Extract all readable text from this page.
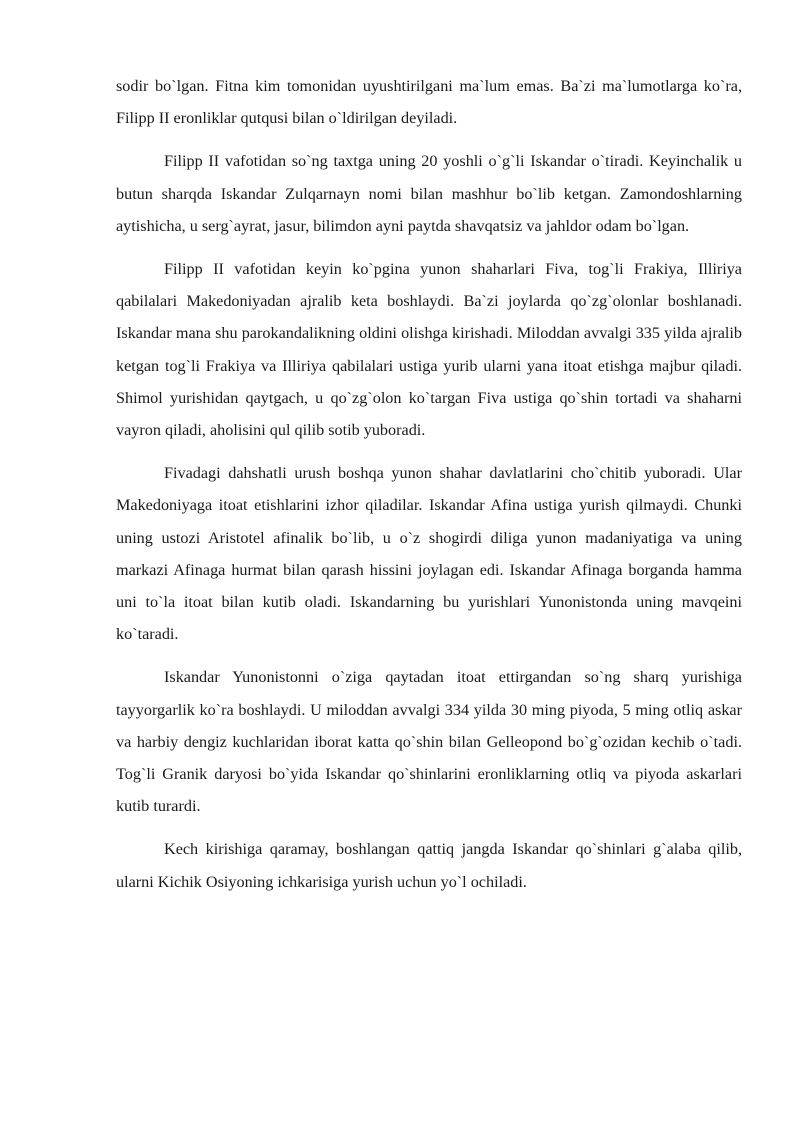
sodir bo`lgan. Fitna kim tomonidan uyushtirilgani ma`lum emas. Ba`zi ma`lumotlarga ko`ra, Filipp II eronliklar qutqusi bilan o`ldirilgan deyiladi.

Filipp II vafotidan so`ng taxtga uning 20 yoshli o`g`li Iskandar o`tiradi. Keyinchalik u butun sharqda Iskandar Zulqarnayn nomi bilan mashhur bo`lib ketgan. Zamondoshlarning aytishicha, u serg`ayrat, jasur, bilimdon ayni paytda shavqatsiz va jahldor odam bo`lgan.

Filipp II vafotidan keyin ko`pgina yunon shaharlari Fiva, tog`li Frakiya, Illiriya qabilalari Makedoniyadan ajralib keta boshlaydi. Ba`zi joylarda qo`zg`olonlar boshlanadi. Iskandar mana shu parokandalikning oldini olishga kirishadi. Miloddan avvalgi 335 yilda ajralib ketgan tog`li Frakiya va Illiriya qabilalari ustiga yurib ularni yana itoat etishga majbur qiladi. Shimol yurishidan qaytgach, u qo`zg`olon ko`targan Fiva ustiga qo`shin tortadi va shaharni vayron qiladi, aholisini qul qilib sotib yuboradi.

Fivadagi dahshatli urush boshqa yunon shahar davlatlarini cho`chitib yuboradi. Ular Makedoniyaga itoat etishlarini izhor qiladilar. Iskandar Afina ustiga yurish qilmaydi. Chunki uning ustozi Aristotel afinalik bo`lib, u o`z shogirdi diliga yunon madaniyatiga va uning markazi Afinaga hurmat bilan qarash hissini joylagan edi. Iskandar Afinaga borganda hamma uni to`la itoat bilan kutib oladi. Iskandarning bu yurishlari Yunonistonda uning mavqeini ko`taradi.

Iskandar Yunonistonni o`ziga qaytadan itoat ettirgandan so`ng sharq yurishiga tayyorgarlik ko`ra boshlaydi. U miloddan avvalgi 334 yilda 30 ming piyoda, 5 ming otliq askar va harbiy dengiz kuchlaridan iborat katta qo`shin bilan Gelleopond bo`g`ozidan kechib o`tadi. Tog`li Granik daryosi bo`yida Iskandar qo`shinlarini eronliklarning otliq va piyoda askarlari kutib turardi.

Kech kirishiga qaramay, boshlangan qattiq jangda Iskandar qo`shinlari g`alaba qilib, ularni Kichik Osiyoning ichkarisiga yurish uchun yo`l ochiladi.
